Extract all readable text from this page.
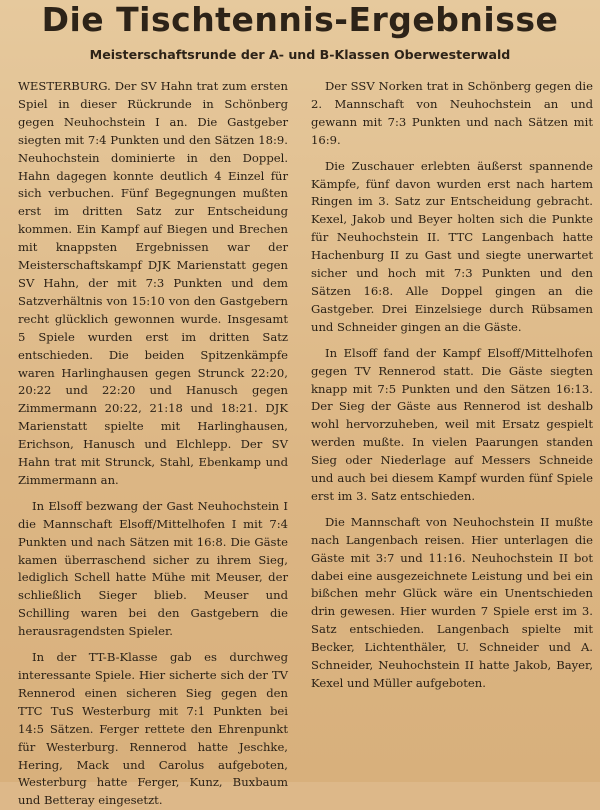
Die Tischtennis-Ergebnisse
Meisterschaftsrunde der A- und B-Klassen Oberwesterwald

WESTERBURG. Der SV Hahn trat zum ersten Spiel in dieser Rückrunde in Schönberg gegen Neuhochstein I an. Die Gastgeber siegten mit 7:4 Punkten und den Sätzen 18:9. Neuhochstein dominierte in den Doppel. Hahn dagegen konnte deutlich 4 Einzel für sich verbuchen. Fünf Begegnungen mußten erst im dritten Satz zur Entscheidung kommen. Ein Kampf auf Biegen und Brechen mit knappsten Ergebnissen war der Meisterschaftskampf DJK Marienstatt gegen SV Hahn, der mit 7:3 Punkten und dem Satzverhältnis von 15:10 von den Gastgebern recht glücklich gewonnen wurde. Insgesamt 5 Spiele wurden erst im dritten Satz entschieden. Die beiden Spitzenkämpfe waren Harlinghausen gegen Strunck 22:20, 20:22 und 22:20 und Hanusch gegen Zimmermann 20:22, 21:18 und 18:21. DJK Marienstatt spielte mit Harlinghausen, Erichson, Hanusch und Elchlepp. Der SV Hahn trat mit Strunck, Stahl, Ebenkamp und Zimmermann an.

In Elsoff bezwang der Gast Neuhochstein I die Mannschaft Elsoff/Mittelhofen I mit 7:4 Punkten und nach Sätzen mit 16:8. Die Gäste kamen überraschend sicher zu ihrem Sieg, lediglich Schell hatte Mühe mit Meuser, der schließlich Sieger blieb. Meuser und Schilling waren bei den Gastgebern die herausragendsten Spieler.

In der TT-B-Klasse gab es durchweg interessante Spiele. Hier sicherte sich der TV Rennerod einen sicheren Sieg gegen den TTC TuS Westerburg mit 7:1 Punkten bei 14:5 Sätzen. Ferger rettete den Ehrenpunkt für Westerburg. Rennerod hatte Jeschke, Hering, Mack und Carolus aufgeboten, Westerburg hatte Ferger, Kunz, Buxbaum und Betteray eingesetzt.

Der SSV Norken trat in Schönberg gegen die 2. Mannschaft von Neuhochstein an und gewann mit 7:3 Punkten und nach Sätzen mit 16:9.

Die Zuschauer erlebten äußerst spannende Kämpfe, fünf davon wurden erst nach hartem Ringen im 3. Satz zur Entscheidung gebracht. Kexel, Jakob und Beyer holten sich die Punkte für Neuhochstein II. TTC Langenbach hatte Hachenburg II zu Gast und siegte unerwartet sicher und hoch mit 7:3 Punkten und den Sätzen 16:8. Alle Doppel gingen an die Gastgeber. Drei Einzelsiege durch Rübsamen und Schneider gingen an die Gäste.

In Elsoff fand der Kampf Elsoff/Mittelhofen gegen TV Rennerod statt. Die Gäste siegten knapp mit 7:5 Punkten und den Sätzen 16:13. Der Sieg der Gäste aus Rennerod ist deshalb wohl hervorzuheben, weil mit Ersatz gespielt werden mußte. In vielen Paarungen standen Sieg oder Niederlage auf Messers Schneide und auch bei diesem Kampf wurden fünf Spiele erst im 3. Satz entschieden.

Die Mannschaft von Neuhochstein II mußte nach Langenbach reisen. Hier unterlagen die Gäste mit 3:7 und 11:16. Neuhochstein II bot dabei eine ausgezeichnete Leistung und bei ein bißchen mehr Glück wäre ein Unentschieden drin gewesen. Hier wurden 7 Spiele erst im 3. Satz entschieden. Langenbach spielte mit Becker, Lichtenthäler, U. Schneider und A. Schneider, Neuhochstein II hatte Jakob, Bayer, Kexel und Müller aufgeboten.
